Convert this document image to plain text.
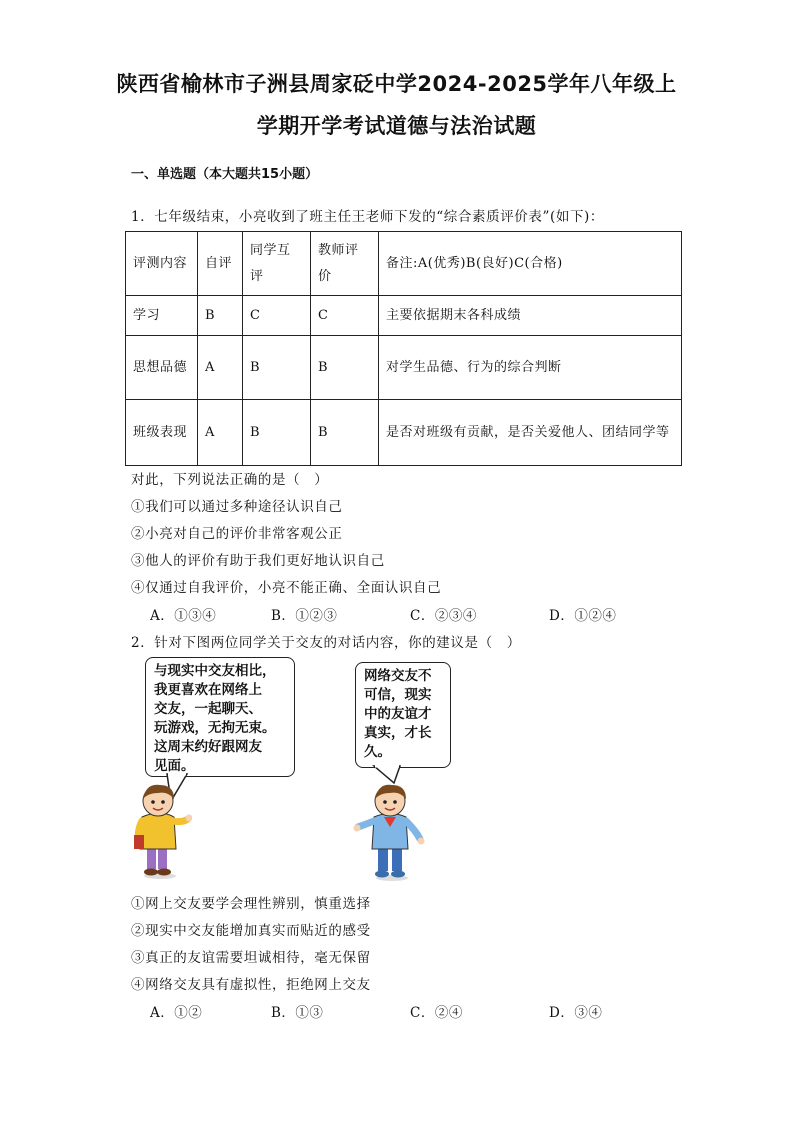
陕西省榆林市子洲县周家砭中学2024-2025学年八年级上
学期开学考试道德与法治试题
一、单选题（本大题共15小题）
1．七年级结束，小亮收到了班主任王老师下发的“综合素质评价表”(如下)：
评测内容	自评	同学互评	教师评价	备注:A(优秀)B(良好)C(合格)
学习	B	C	C	主要依据期末各科成绩
思想品德	A	B	B	对学生品德、行为的综合判断
班级表现	A	B	B	是否对班级有贡献，是否关爱他人、团结同学等
对此，下列说法正确的是（　）
①我们可以通过多种途径认识自己
②小亮对自己的评价非常客观公正
③他人的评价有助于我们更好地认识自己
④仅通过自我评价，小亮不能正确、全面认识自己
A．①③④	B．①②③	C．②③④	D．①②④
2．针对下图两位同学关于交友的对话内容，你的建议是（　）
与现实中交友相比，
我更喜欢在网络上
交友，一起聊天、
玩游戏，无拘无束。
这周末约好跟网友
见面。
网络交友不
可信，现实
中的友谊才
真实，才长
久。
①网上交友要学会理性辨别，慎重选择
②现实中交友能增加真实而贴近的感受
③真正的友谊需要坦诚相待，毫无保留
④网络交友具有虚拟性，拒绝网上交友
A．①②	B．①③	C．②④	D．③④
